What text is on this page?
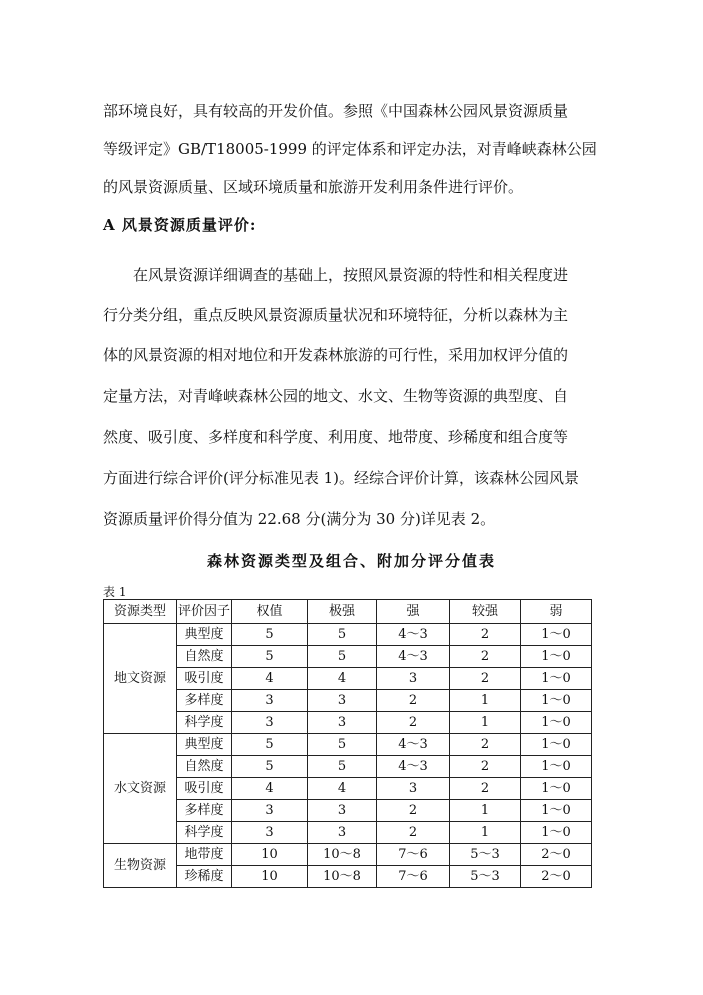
部环境良好，具有较高的开发价值。参照《中国森林公园风景资源质量
等级评定》GB/T18005-1999 的评定体系和评定办法，对青峰峡森林公园
的风景资源质量、区域环境质量和旅游开发利用条件进行评价。
A 风景资源质量评价:
　　在风景资源详细调查的基础上，按照风景资源的特性和相关程度进
行分类分组，重点反映风景资源质量状况和环境特征，分析以森林为主
体的风景资源的相对地位和开发森林旅游的可行性，采用加权评分值的
定量方法，对青峰峡森林公园的地文、水文、生物等资源的典型度、自
然度、吸引度、多样度和科学度、利用度、地带度、珍稀度和组合度等
方面进行综合评价(评分标准见表 1)。经综合评价计算，该森林公园风景
资源质量评价得分值为 22.68 分(满分为 30 分)详见表 2。
森林资源类型及组合、附加分评分值表
表 1
资源类型	评价因子	权值	极强	强	较强	弱
地文资源	典型度	5	5	4～3	2	1～0
	自然度	5	5	4～3	2	1～0
	吸引度	4	4	3	2	1～0
	多样度	3	3	2	1	1～0
	科学度	3	3	2	1	1～0
水文资源	典型度	5	5	4～3	2	1～0
	自然度	5	5	4～3	2	1～0
	吸引度	4	4	3	2	1～0
	多样度	3	3	2	1	1～0
	科学度	3	3	2	1	1～0
生物资源	地带度	10	10～8	7～6	5～3	2～0
	珍稀度	10	10～8	7～6	5～3	2～0
